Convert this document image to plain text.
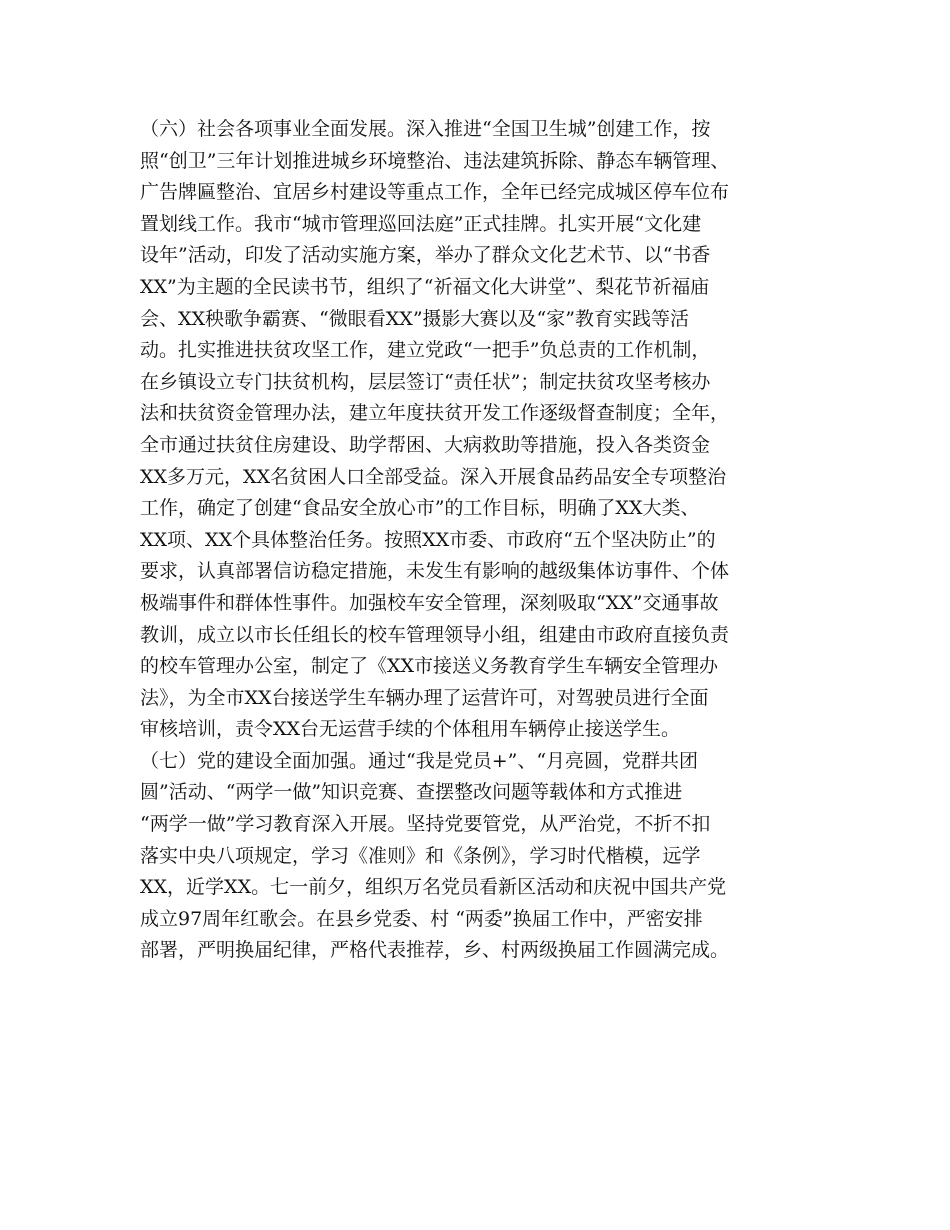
（六）社会各项事业全面发展。深入推进“全国卫生城”创建工作，按
照“创卫”三年计划推进城乡环境整治、违法建筑拆除、静态车辆管理、
广告牌匾整治、宜居乡村建设等重点工作，全年已经完成城区停车位布
置划线工作。我市“城市管理巡回法庭”正式挂牌。扎实开展“文化建
设年”活动，印发了活动实施方案，举办了群众文化艺术节、以“书香
XX”为主题的全民读书节，组织了“祈福文化大讲堂”、梨花节祈福庙
会、XX秧歌争霸赛、“微眼看XX”摄影大赛以及“家”教育实践等活
动。扎实推进扶贫攻坚工作，建立党政“一把手”负总责的工作机制，
在乡镇设立专门扶贫机构，层层签订“责任状”；制定扶贫攻坚考核办
法和扶贫资金管理办法，建立年度扶贫开发工作逐级督查制度；全年，
全市通过扶贫住房建设、助学帮困、大病救助等措施，投入各类资金
XX多万元，XX名贫困人口全部受益。深入开展食品药品安全专项整治
工作，确定了创建“食品安全放心市”的工作目标，明确了XX大类、
XX项、XX个具体整治任务。按照XX市委、市政府“五个坚决防止”的
要求，认真部署信访稳定措施，未发生有影响的越级集体访事件、个体
极端事件和群体性事件。加强校车安全管理，深刻吸取“XX”交通事故
教训，成立以市长任组长的校车管理领导小组，组建由市政府直接负责
的校车管理办公室，制定了《XX市接送义务教育学生车辆安全管理办
法》，为全市XX台接送学生车辆办理了运营许可，对驾驶员进行全面
审核培训，责令XX台无运营手续的个体租用车辆停止接送学生。
（七）党的建设全面加强。通过“我是党员+”、“月亮圆，党群共团
圆”活动、“两学一做”知识竞赛、查摆整改问题等载体和方式推进
“两学一做”学习教育深入开展。坚持党要管党，从严治党，不折不扣
落实中央八项规定，学习《准则》和《条例》，学习时代楷模，远学
XX，近学XX。七一前夕，组织万名党员看新区活动和庆祝中国共产党
成立97周年红歌会。在县乡党委、村 “两委”换届工作中，严密安排
部署，严明换届纪律，严格代表推荐，乡、村两级换届工作圆满完成。
